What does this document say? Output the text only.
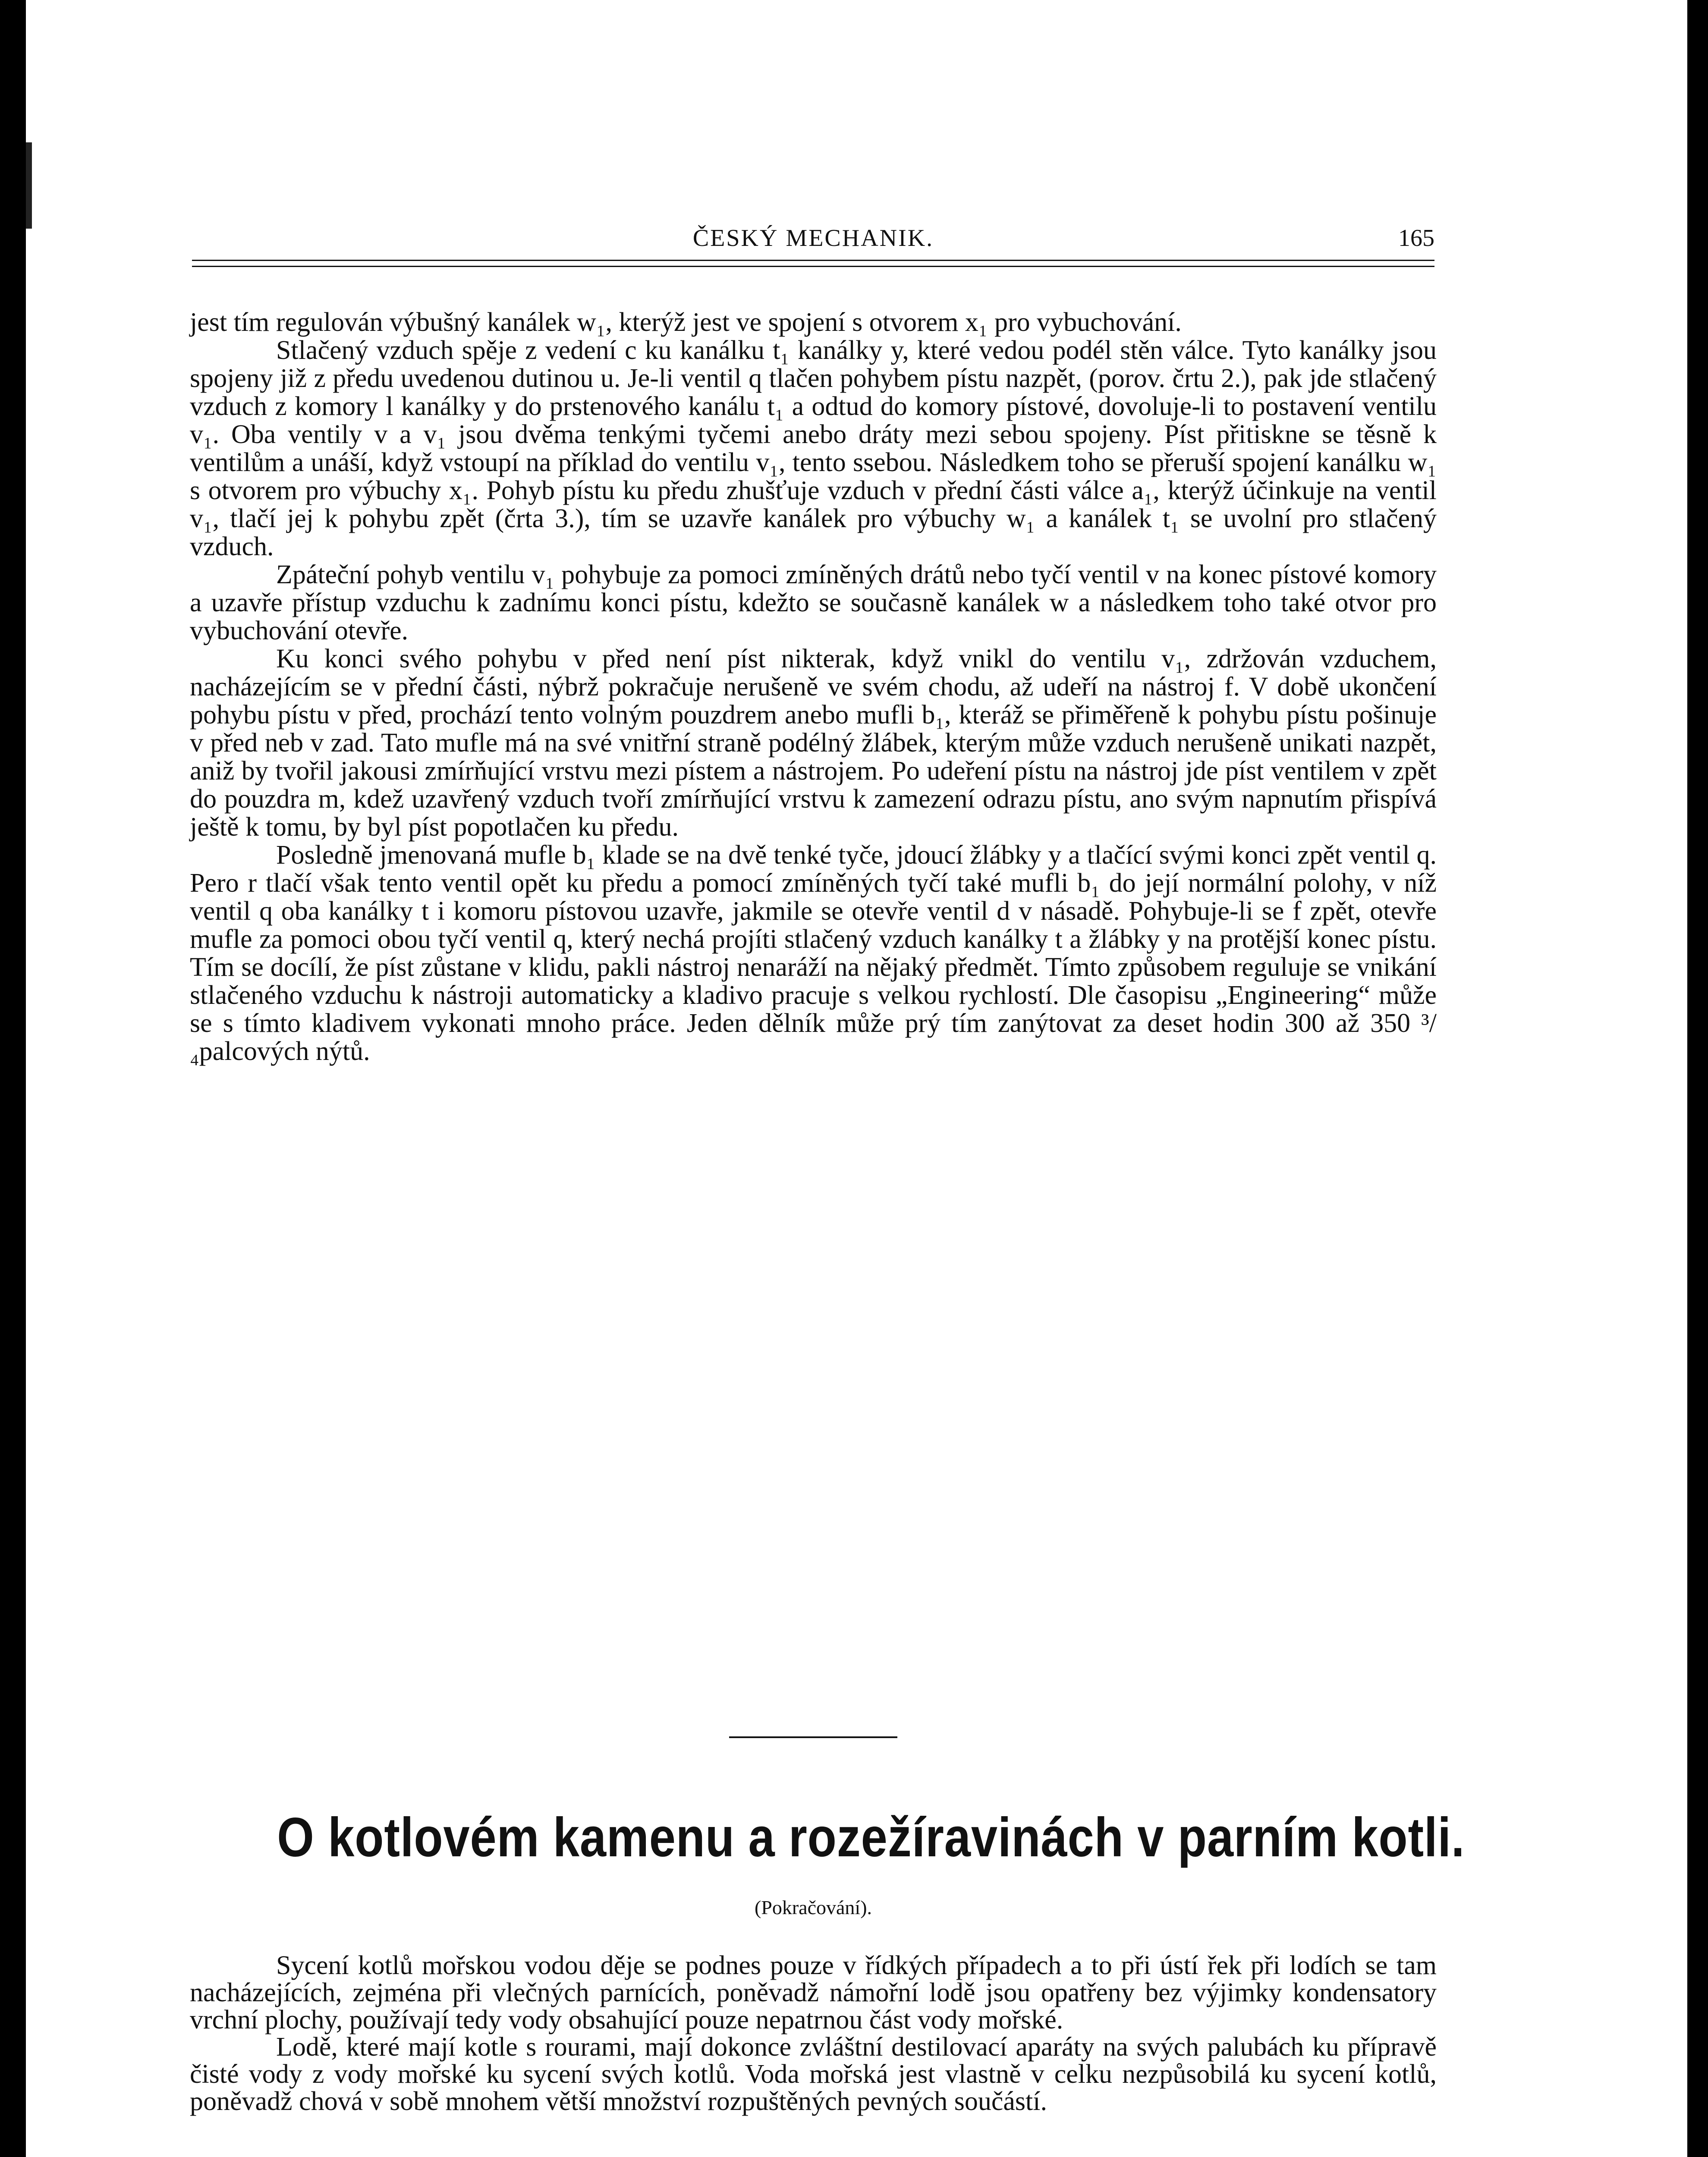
ČESKÝ MECHANIK.	165

jest tím regulován výbušný kanálek w₁, kterýž jest ve spojení s otvorem x₁ pro vybuchování.

Stlačený vzduch spěje z vedení c ku kanálku t₁ kanálky y, které vedou podél stěn válce. Tyto kanálky jsou spojeny již z předu uvedenou dutinou u. Je-li ventil q tlačen pohybem pístu nazpět, (porov. črtu 2.), pak jde stlačený vzduch z komory l kanálky y do prstenového kanálu t₁ a odtud do komory pístové, dovoluje-li to postavení ventilu v₁. Oba ventily v a v₁ jsou dvěma tenkými tyčemi anebo dráty mezi sebou spojeny. Píst přitiskne se těsně k ventilům a unáší, když vstoupí na příklad do ventilu v₁, tento ssebou. Následkem toho se přeruší spojení kanálku w₁ s otvorem pro výbuchy x₁. Pohyb pístu ku předu zhušťuje vzduch v přední části válce a₁, kterýž účinkuje na ventil v₁, tlačí jej k pohybu zpět (črta 3.), tím se uzavře kanálek pro výbuchy w₁ a kanálek t₁ se uvolní pro stlačený vzduch.

Zpáteční pohyb ventilu v₁ pohybuje za pomoci zmíněných drátů nebo tyčí ventil v na konec pístové komory a uzavře přístup vzduchu k zadnímu konci pístu, kdežto se současně kanálek w a následkem toho také otvor pro vybuchování otevře.

Ku konci svého pohybu v před není píst nikterak, když vnikl do ventilu v₁, zdržován vzduchem, nacházejícím se v přední části, nýbrž pokračuje nerušeně ve svém chodu, až udeří na nástroj f. V době ukončení pohybu pístu v před, prochází tento volným pouzdrem anebo mufli b₁, kteráž se přiměřeně k pohybu pístu pošinuje v před neb v zad. Tato mufle má na své vnitřní straně podélný žlábek, kterým může vzduch nerušeně unikati nazpět, aniž by tvořil jakousi zmírňující vrstvu mezi pístem a nástrojem. Po udeření pístu na nástroj jde píst ventilem v zpět do pouzdra m, kdež uzavřený vzduch tvoří zmírňující vrstvu k zamezení odrazu pístu, ano svým napnutím přispívá ještě k tomu, by byl píst popotlačen ku předu.

Posledně jmenovaná mufle b₁ klade se na dvě tenké tyče, jdoucí žlábky y a tlačící svými konci zpět ventil q. Pero r tlačí však tento ventil opět ku předu a pomocí zmíněných tyčí také mufli b₁ do její normální polohy, v níž ventil q oba kanálky t i komoru pístovou uzavře, jakmile se otevře ventil d v násadě. Pohybuje-li se f zpět, otevře mufle za pomoci obou tyčí ventil q, který nechá projíti stlačený vzduch kanálky t a žlábky y na protější konec pístu. Tím se docílí, že píst zůstane v klidu, pakli nástroj nenaráží na nějaký předmět. Tímto způsobem reguluje se vnikání stlačeného vzduchu k nástroji automaticky a kladivo pracuje s velkou rychlostí. Dle časopisu „Engineering“ může se s tímto kladivem vykonati mnoho práce. Jeden dělník může prý tím zanýtovat za deset hodin 300 až 350 ³/₄palcových nýtů.

O kotlovém kamenu a rozežíravinách v parním kotli.
(Pokračování).

Sycení kotlů mořskou vodou děje se podnes pouze v řídkých případech a to při ústí řek při lodích se tam nacházejících, zejména při vlečných parnících, poněvadž námořní lodě jsou opatřeny bez výjimky kondensatory vrchní plochy, používají tedy vody obsahující pouze nepatrnou část vody mořské.

Lodě, které mají kotle s rourami, mají dokonce zvláštní destilovací aparáty na svých palubách ku přípravě čisté vody z vody mořské ku sycení svých kotlů. Voda mořská jest vlastně v celku nezpůsobilá ku sycení kotlů, poněvadž chová v sobě mnohem větší množství rozpuštěných pevných součástí.
